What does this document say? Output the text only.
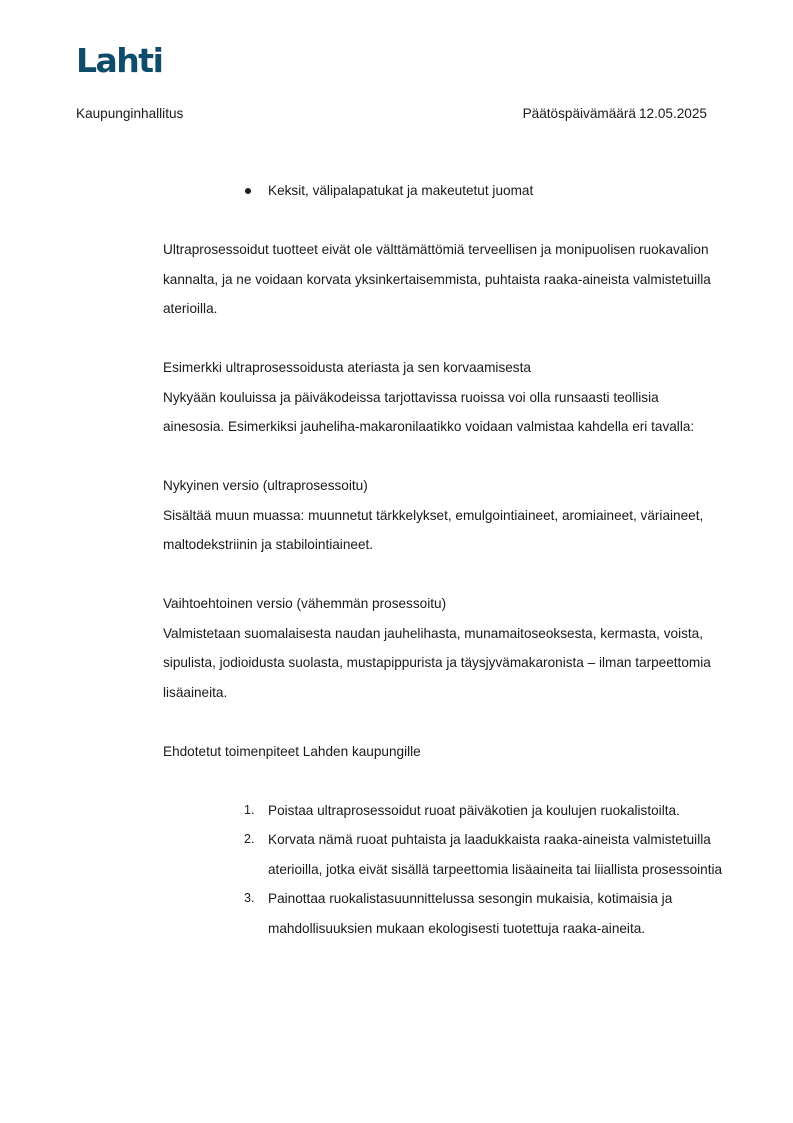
Lahti
Kaupunginhallitus	Päätöspäivämäärä 12.05.2025

Keksit, välipalapatukat ja makeutetut juomat

Ultraprosessoidut tuotteet eivät ole välttämättömiä terveellisen ja monipuolisen ruokavalion kannalta, ja ne voidaan korvata yksinkertaisemmista, puhtaista raaka-aineista valmistetuilla aterioilla.

Esimerkki ultraprosessoidusta ateriasta ja sen korvaamisesta

Nykyään kouluissa ja päiväkodeissa tarjottavissa ruoissa voi olla runsaasti teollisia ainesosia. Esimerkiksi jauheliha-makaronilaatikko voidaan valmistaa kahdella eri tavalla:

Nykyinen versio (ultraprosessoitu)

Sisältää muun muassa: muunnetut tärkkelykset, emulgointiaineet, aromiaineet, väriaineet, maltodekstriinin ja stabilointiaineet.

Vaihtoehtoinen versio (vähemmän prosessoitu)

Valmistetaan suomalaisesta naudan jauhelihasta, munamaitoseoksesta, kermasta, voista, sipulista, jodioidusta suolasta, mustapippurista ja täysjyvämakaronista – ilman tarpeettomia lisäaineita.

Ehdotetut toimenpiteet Lahden kaupungille

1. Poistaa ultraprosessoidut ruoat päiväkotien ja koulujen ruokalistoilta.
2. Korvata nämä ruoat puhtaista ja laadukkaista raaka-aineista valmistetuilla aterioilla, jotka eivät sisällä tarpeettomia lisäaineita tai liiallista prosessointia
3. Painottaa ruokalistasuunnittelussa sesongin mukaisia, kotimaisia ja mahdollisuuksien mukaan ekologisesti tuotettuja raaka-aineita.
